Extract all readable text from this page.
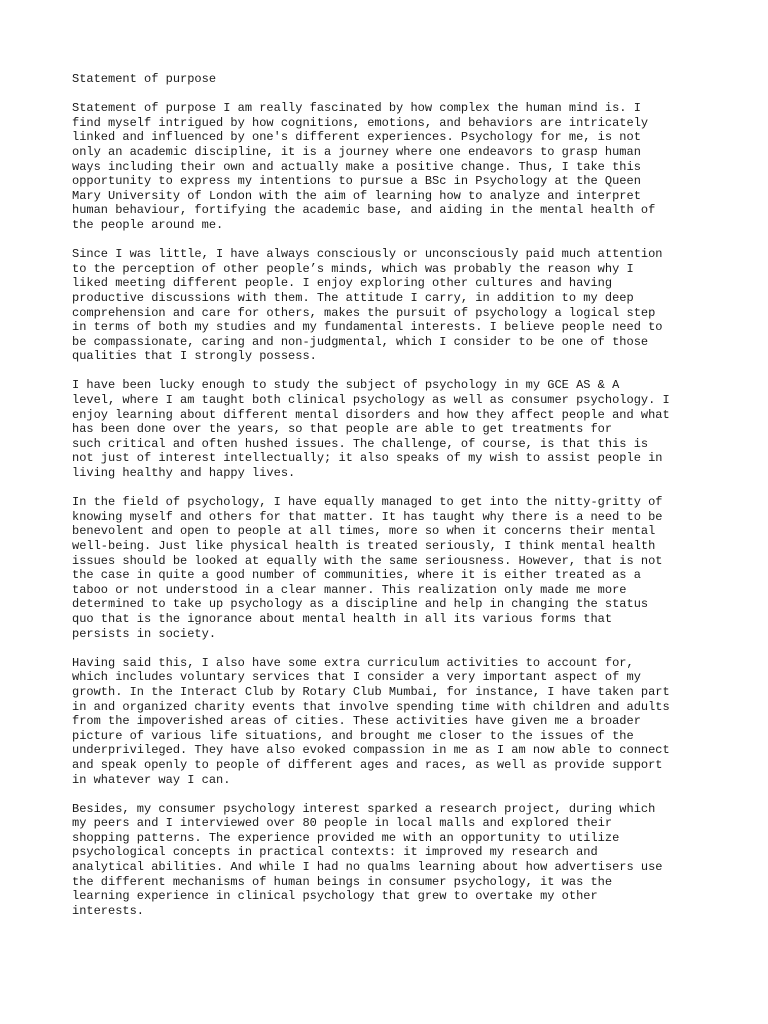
Statement of purpose
Statement of purpose I am really fascinated by how complex the human mind is. I
find myself intrigued by how cognitions, emotions, and behaviors are intricately
linked and influenced by one's different experiences. Psychology for me, is not
only an academic discipline, it is a journey where one endeavors to grasp human
ways including their own and actually make a positive change. Thus, I take this
opportunity to express my intentions to pursue a BSc in Psychology at the Queen
Mary University of London with the aim of learning how to analyze and interpret
human behaviour, fortifying the academic base, and aiding in the mental health of
the people around me.
Since I was little, I have always consciously or unconsciously paid much attention
to the perception of other people’s minds, which was probably the reason why I
liked meeting different people. I enjoy exploring other cultures and having
productive discussions with them. The attitude I carry, in addition to my deep
comprehension and care for others, makes the pursuit of psychology a logical step
in terms of both my studies and my fundamental interests. I believe people need to
be compassionate, caring and non-judgmental, which I consider to be one of those
qualities that I strongly possess.
I have been lucky enough to study the subject of psychology in my GCE AS & A
level, where I am taught both clinical psychology as well as consumer psychology. I
enjoy learning about different mental disorders and how they affect people and what
has been done over the years, so that people are able to get treatments for
such critical and often hushed issues. The challenge, of course, is that this is
not just of interest intellectually; it also speaks of my wish to assist people in
living healthy and happy lives.
In the field of psychology, I have equally managed to get into the nitty-gritty of
knowing myself and others for that matter. It has taught why there is a need to be
benevolent and open to people at all times, more so when it concerns their mental
well-being. Just like physical health is treated seriously, I think mental health
issues should be looked at equally with the same seriousness. However, that is not
the case in quite a good number of communities, where it is either treated as a
taboo or not understood in a clear manner. This realization only made me more
determined to take up psychology as a discipline and help in changing the status
quo that is the ignorance about mental health in all its various forms that
persists in society.
Having said this, I also have some extra curriculum activities to account for,
which includes voluntary services that I consider a very important aspect of my
growth. In the Interact Club by Rotary Club Mumbai, for instance, I have taken part
in and organized charity events that involve spending time with children and adults
from the impoverished areas of cities. These activities have given me a broader
picture of various life situations, and brought me closer to the issues of the
underprivileged. They have also evoked compassion in me as I am now able to connect
and speak openly to people of different ages and races, as well as provide support
in whatever way I can.
Besides, my consumer psychology interest sparked a research project, during which
my peers and I interviewed over 80 people in local malls and explored their
shopping patterns. The experience provided me with an opportunity to utilize
psychological concepts in practical contexts: it improved my research and
analytical abilities. And while I had no qualms learning about how advertisers use
the different mechanisms of human beings in consumer psychology, it was the
learning experience in clinical psychology that grew to overtake my other
interests.
